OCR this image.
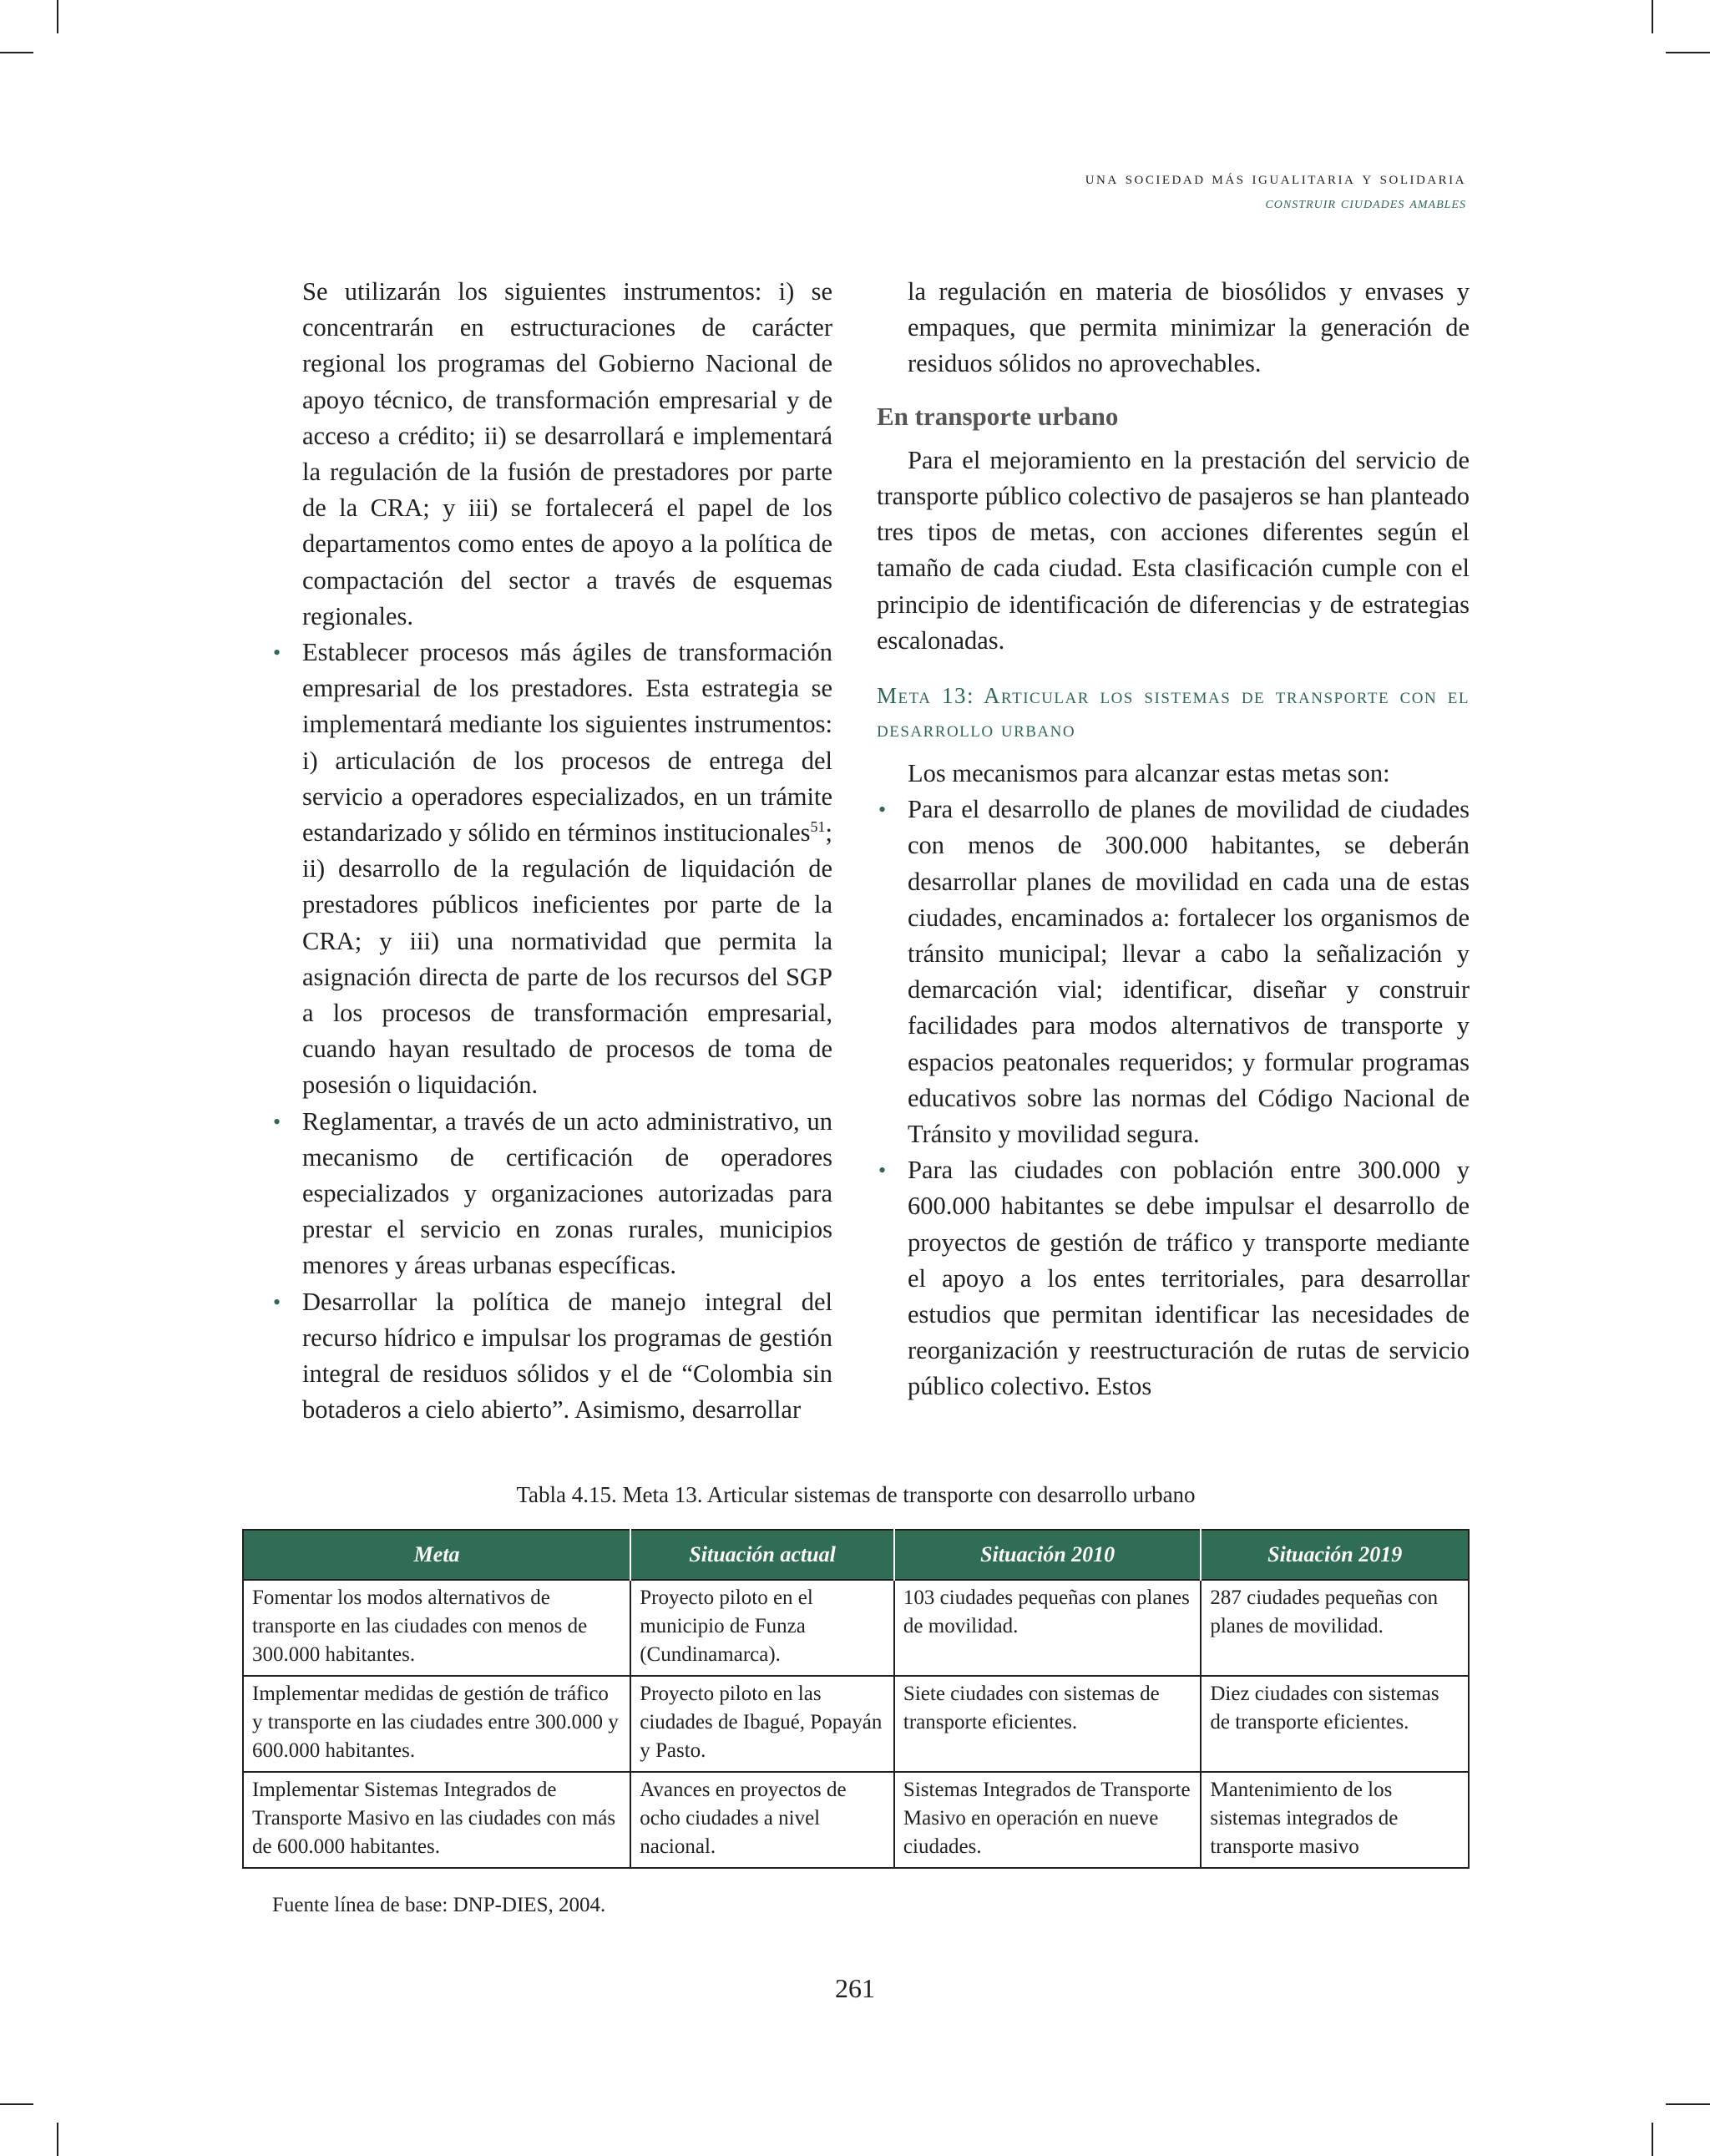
una sociedad más igualitaria y solidaria
construir ciudades amables

Se utilizarán los siguientes instrumentos: i) se concentrarán en estructuraciones de carácter regional los programas del Gobierno Nacional de apoyo técnico, de transformación empresarial y de acceso a crédito; ii) se desarrollará e implementará la regulación de la fusión de prestadores por parte de la CRA; y iii) se fortalecerá el papel de los departamentos como entes de apoyo a la política de compactación del sector a través de esquemas regionales.

• Establecer procesos más ágiles de transformación empresarial de los prestadores. Esta estrategia se implementará mediante los siguientes instrumentos: i) articulación de los procesos de entrega del servicio a operadores especializados, en un trámite estandarizado y sólido en términos institucionales$^{51}$; ii) desarrollo de la regulación de liquidación de prestadores públicos ineficientes por parte de la CRA; y iii) una normatividad que permita la asignación directa de parte de los recursos del SGP a los procesos de transformación empresarial, cuando hayan resultado de procesos de toma de posesión o liquidación.
• Reglamentar, a través de un acto administrativo, un mecanismo de certificación de operadores especializados y organizaciones autorizadas para prestar el servicio en zonas rurales, municipios menores y áreas urbanas específicas.
• Desarrollar la política de manejo integral del recurso hídrico e impulsar los programas de gestión integral de residuos sólidos y el de “Colombia sin botaderos a cielo abierto”. Asimismo, desarrollar

la regulación en materia de biosólidos y envases y empaques, que permita minimizar la generación de residuos sólidos no aprovechables.

En transporte urbano

Para el mejoramiento en la prestación del servicio de transporte público colectivo de pasajeros se han planteado tres tipos de metas, con acciones diferentes según el tamaño de cada ciudad. Esta clasificación cumple con el principio de identificación de diferencias y de estrategias escalonadas.

Meta 13: Articular los sistemas de transporte con el desarrollo urbano

Los mecanismos para alcanzar estas metas son:

• Para el desarrollo de planes de movilidad de ciudades con menos de 300.000 habitantes, se deberán desarrollar planes de movilidad en cada una de estas ciudades, encaminados a: fortalecer los organismos de tránsito municipal; llevar a cabo la señalización y demarcación vial; identificar, diseñar y construir facilidades para modos alternativos de transporte y espacios peatonales requeridos; y formular programas educativos sobre las normas del Código Nacional de Tránsito y movilidad segura.
• Para las ciudades con población entre 300.000 y 600.000 habitantes se debe impulsar el desarrollo de proyectos de gestión de tráfico y transporte mediante el apoyo a los entes territoriales, para desarrollar estudios que permitan identificar las necesidades de reorganización y reestructuración de rutas de servicio público colectivo. Estos
Tabla 4.15. Meta 13. Articular sistemas de transporte con desarrollo urbano
Meta	Situación actual	Situación 2010	Situación 2019
Fomentar los modos alternativos de transporte en las ciudades con menos de 300.000 habitantes.	Proyecto piloto en el municipio de Funza (Cundinamarca).	103 ciudades pequeñas con planes de movilidad.	287 ciudades pequeñas con planes de movilidad.
Implementar medidas de gestión de tráfico y transporte en las ciudades entre 300.000 y 600.000 habitantes.	Proyecto piloto en las ciudades de Ibagué, Popayán y Pasto.	Siete ciudades con sistemas de transporte eficientes.	Diez ciudades con sistemas de transporte eficientes.
Implementar Sistemas Integrados de Transporte Masivo en las ciudades con más de 600.000 habitantes.	Avances en proyectos de ocho ciudades a nivel nacional.	Sistemas Integrados de Transporte Masivo en operación en nueve ciudades.	Mantenimiento de los sistemas integrados de transporte masivo
Fuente línea de base: DNP-DIES, 2004.
261
